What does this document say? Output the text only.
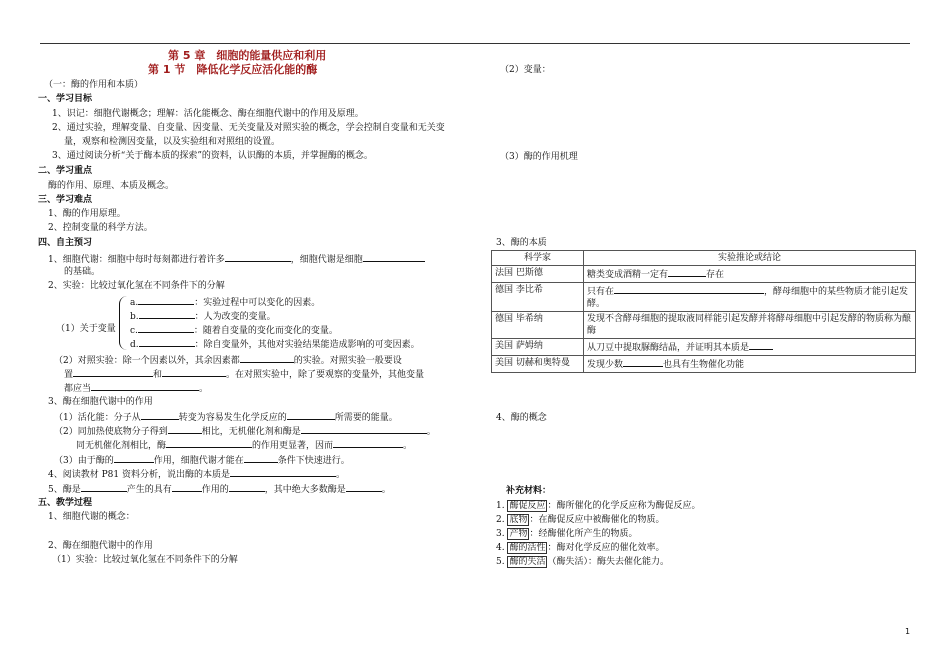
第 5 章　细胞的能量供应和利用
第 1 节　降低化学反应活化能的酶
（一：酶的作用和本质）
一、学习目标
1、识记：细胞代谢概念；理解：活化能概念、酶在细胞代谢中的作用及原理。
2、通过实验，理解变量、自变量、因变量、无关变量及对照实验的概念，学会控制自变量和无关变
量，观察和检测因变量，以及实验组和对照组的设置。
3、通过阅读分析“关于酶本质的探索”的资料，认识酶的本质，并掌握酶的概念。
二、学习重点
酶的作用、原理、本质及概念。
三、学习难点
1、酶的作用原理。
2、控制变量的科学方法。
四、自主预习
1、细胞代谢：细胞中每时每刻都进行着许多	，细胞代谢是细胞
的基础。
2、实验：比较过氧化氢在不同条件下的分解
（1）关于变量
a.	：实验过程中可以变化的因素。
b.	：人为改变的变量。
c.	：随着自变量的变化而变化的变量。
d.	：除自变量外，其他对实验结果能造成影响的可变因素。
（2）对照实验：除一个因素以外，其余因素都	的实验。对照实验一般要设
置	和	。在对照实验中，除了要观察的变量外，其他变量
都应当	。
3、酶在细胞代谢中的作用
（1）活化能：分子从	转变为容易发生化学反应的	所需要的能量。
（2）同加热使底物分子得到	相比，无机催化剂和酶是	。
同无机催化剂相比，酶	的作用更显著，因而	。
（3）由于酶的	作用，细胞代谢才能在	条件下快速进行。
4、阅读教材 P81 资料分析，说出酶的本质是	。
5、酶是	产生的具有	作用的	，其中绝大多数酶是	。
五、教学过程
1、细胞代谢的概念：
2、酶在细胞代谢中的作用
（1）实验：比较过氧化氢在不同条件下的分解
（2）变量：
（3）酶的作用机理
3、酶的本质
科学家	实验推论或结论
法国 巴斯德	糖类变成酒精一定有 存在
德国 李比希	只有在 ，酵母细胞中的某些物质才能引起发酵。
德国 毕希纳	发现不含酵母细胞的提取液同样能引起发酵并将酵母细胞中引起发酵的物质称为酿酶
美国 萨姆纳	从刀豆中提取脲酶结晶，并证明其本质是
美国 切赫和奥特曼	发现少数 也具有生物催化功能
4、酶的概念
补充材料：
1. 酶促反应 ：酶所催化的化学反应称为酶促反应。
2. 底物 ：在酶促反应中被酶催化的物质。
3. 产物 ：经酶催化所产生的物质。
4. 酶的活性 ：酶对化学反应的催化效率。
5. 酶的失活 （酶失活）：酶失去催化能力。
1
